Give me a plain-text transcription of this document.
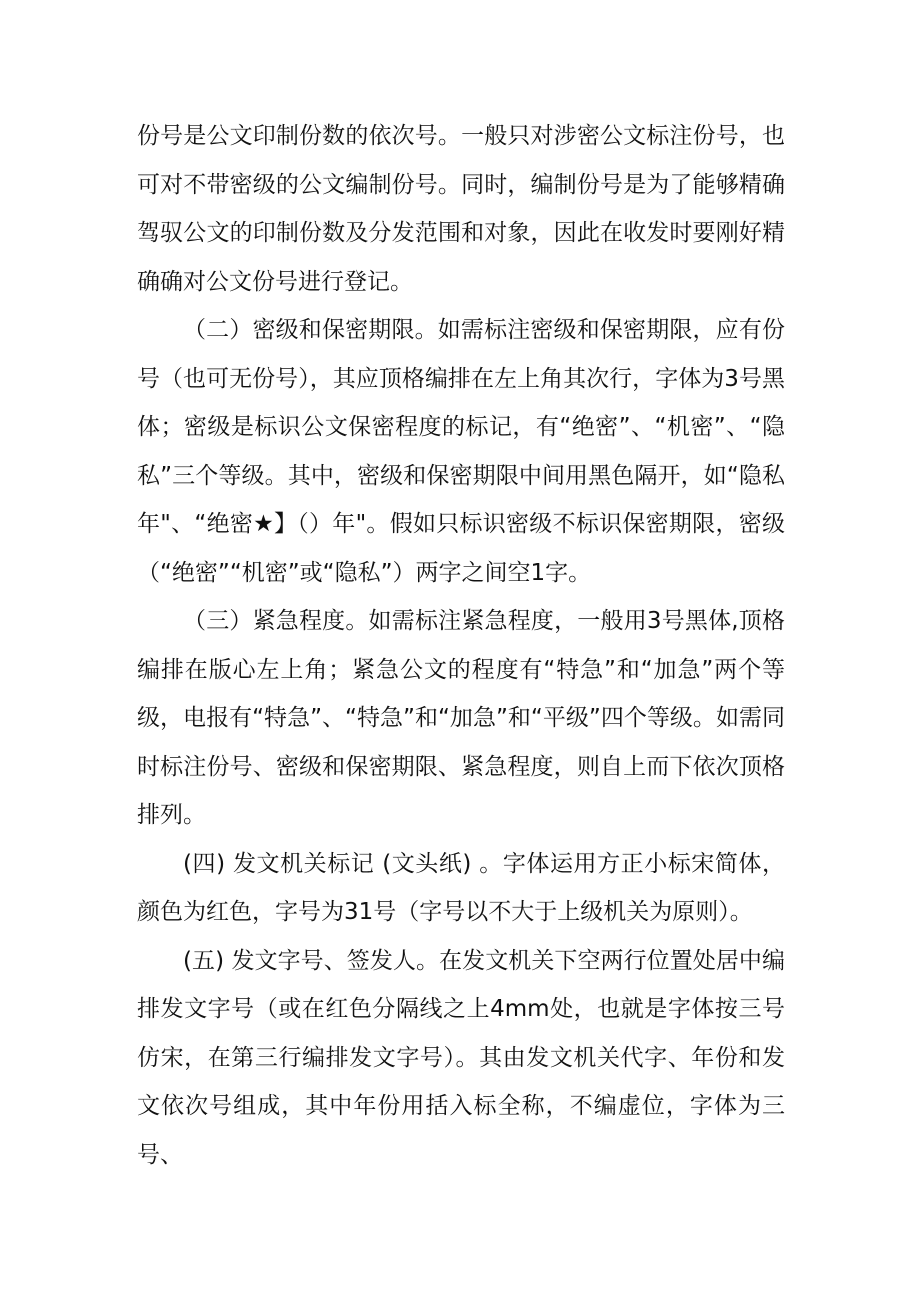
份号是公文印制份数的依次号。一般只对涉密公文标注份号，也可对不带密级的公文编制份号。同时，编制份号是为了能够精确驾驭公文的印制份数及分发范围和对象，因此在收发时要刚好精确确对公文份号进行登记。

（二）密级和保密期限。如需标注密级和保密期限，应有份号（也可无份号），其应顶格编排在左上角其次行，字体为3号黑体；密级是标识公文保密程度的标记，有“绝密”、“机密”、“隐私”三个等级。其中，密级和保密期限中间用黑色隔开，如“隐私年"、“绝密★】（）年"。假如只标识密级不标识保密期限，密级（“绝密”“机密”或“隐私”）两字之间空1字。

（三）紧急程度。如需标注紧急程度，一般用3号黑体,顶格编排在版心左上角；紧急公文的程度有“特急”和“加急”两个等级，电报有“特急”、“特急”和“加急”和“平级”四个等级。如需同时标注份号、密级和保密期限、紧急程度，则自上而下依次顶格排列。

(四) 发文机关标记 (文头纸) 。字体运用方正小标宋简体，颜色为红色，字号为31号（字号以不大于上级机关为原则）。

(五) 发文字号、签发人。在发文机关下空两行位置处居中编排发文字号（或在红色分隔线之上4mm处，也就是字体按三号仿宋，在第三行编排发文字号）。其由发文机关代字、年份和发文依次号组成，其中年份用括入标全称，不编虚位，字体为三号、
